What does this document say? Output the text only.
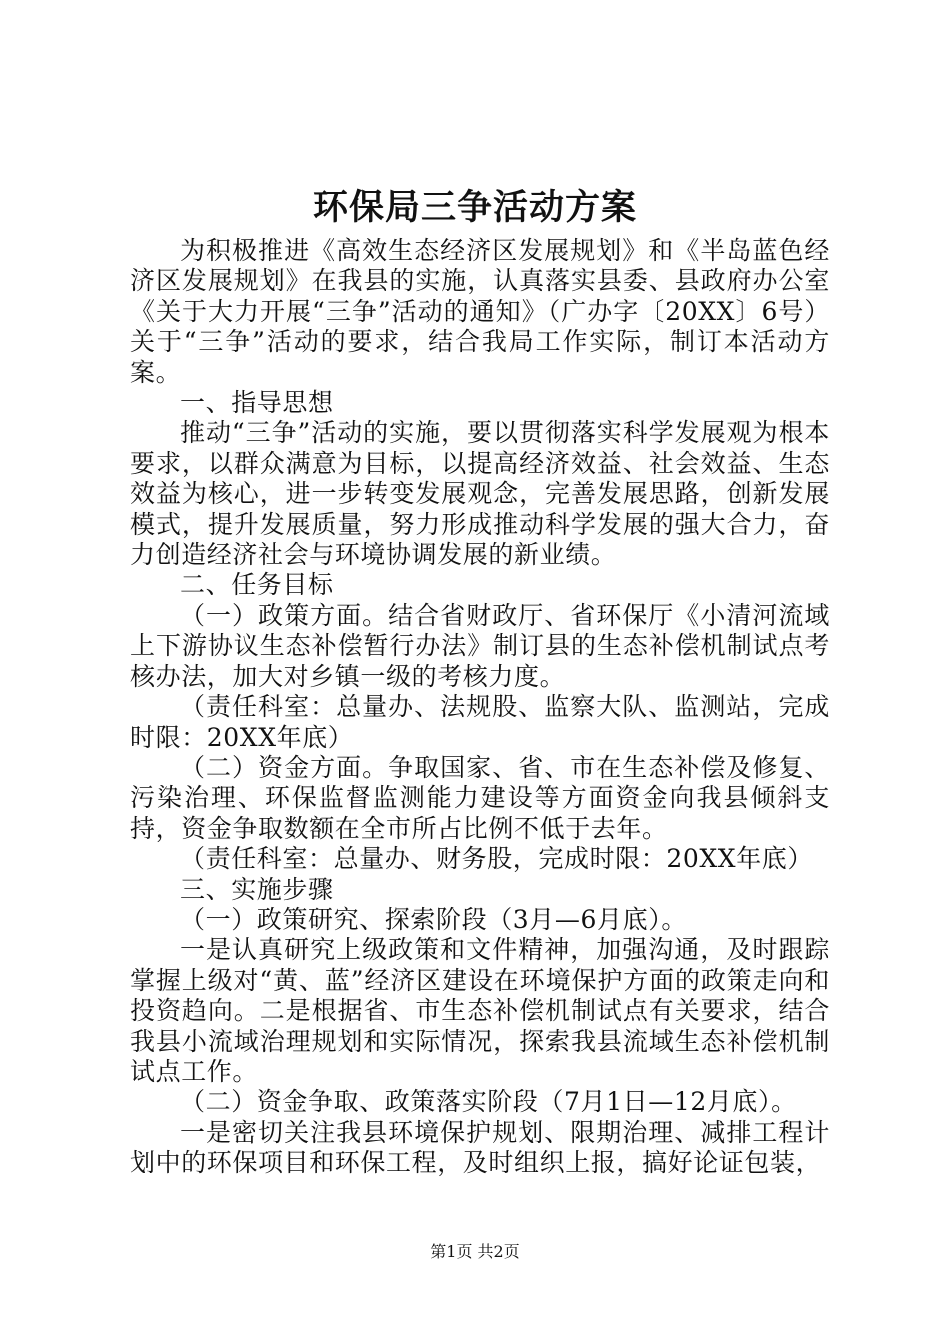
环保局三争活动方案

为积极推进《高效生态经济区发展规划》和《半岛蓝色经济区发展规划》在我县的实施，认真落实县委、县政府办公室《关于大力开展“三争”活动的通知》（广办字〔20XX〕6号）关于“三争”活动的要求，结合我局工作实际，制订本活动方案。

一、指导思想

推动“三争”活动的实施，要以贯彻落实科学发展观为根本要求，以群众满意为目标，以提高经济效益、社会效益、生态效益为核心，进一步转变发展观念，完善发展思路，创新发展模式，提升发展质量，努力形成推动科学发展的强大合力，奋力创造经济社会与环境协调发展的新业绩。

二、任务目标

（一）政策方面。结合省财政厅、省环保厅《小清河流域上下游协议生态补偿暂行办法》制订县的生态补偿机制试点考核办法，加大对乡镇一级的考核力度。

（责任科室：总量办、法规股、监察大队、监测站，完成时限：20XX年底）

（二）资金方面。争取国家、省、市在生态补偿及修复、污染治理、环保监督监测能力建设等方面资金向我县倾斜支持，资金争取数额在全市所占比例不低于去年。

（责任科室：总量办、财务股，完成时限：20XX年底）

三、实施步骤

（一）政策研究、探索阶段（3月—6月底）。

一是认真研究上级政策和文件精神，加强沟通，及时跟踪掌握上级对“黄、蓝”经济区建设在环境保护方面的政策走向和投资趋向。二是根据省、市生态补偿机制试点有关要求，结合我县小流域治理规划和实际情况，探索我县流域生态补偿机制试点工作。

（二）资金争取、政策落实阶段（7月1日—12月底）。

一是密切关注我县环境保护规划、限期治理、减排工程计划中的环保项目和环保工程，及时组织上报，搞好论证包装，

第1页 共2页
